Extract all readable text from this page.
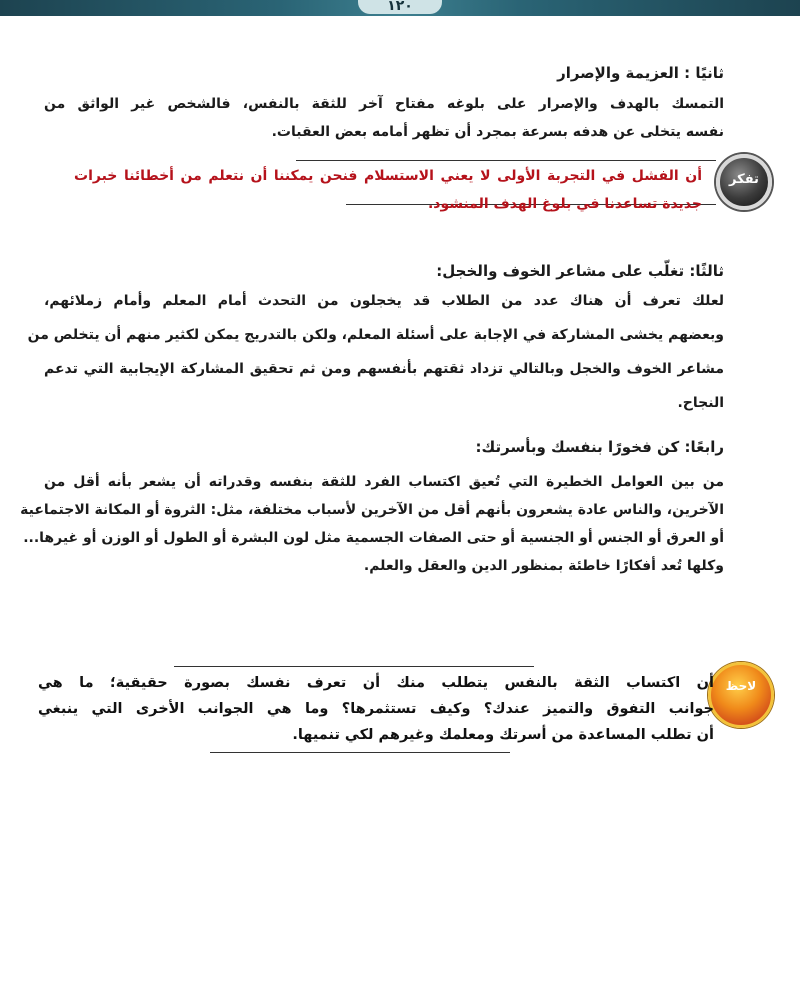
١٢٠
ثانيًا : العزيمة والإصرار
التمسك بالهدف والإصرار على بلوغه مفتاح آخر للثقة بالنفس، فالشخص غير الواثق من
نفسه يتخلى عن هدفه بسرعة بمجرد أن تظهر أمامه بعض العقبات.
تفكر
أن الفشل في التجربة الأولى لا يعني الاستسلام فنحن يمكننا أن نتعلم من أخطائنا خبرات
جديدة تساعدنا في بلوغ الهدف المنشود.
ثالثًا: تغلّب على مشاعر الخوف والخجل:
لعلك تعرف أن هناك عدد من الطلاب قد يخجلون من التحدث أمام المعلم وأمام زملائهم،
وبعضهم يخشى المشاركة في الإجابة على أسئلة المعلم، ولكن بالتدريج يمكن لكثير منهم أن يتخلص من
مشاعر الخوف والخجل وبالتالي تزداد ثقتهم بأنفسهم ومن ثم تحقيق المشاركة الإيجابية التي تدعم
النجاح.
رابعًا: كن فخورًا بنفسك وبأسرتك:
من بين العوامل الخطيرة التي تُعيق اكتساب الفرد للثقة بنفسه وقدراته أن يشعر بأنه أقل من
الآخرين، والناس عادة يشعرون بأنهم أقل من الآخرين لأسباب مختلفة، مثل: الثروة أو المكانة الاجتماعية
أو العرق أو الجنس أو الجنسية أو حتى الصفات الجسمية مثل لون البشرة أو الطول أو الوزن أو غيرها...
وكلها تُعد أفكارًا خاطئة بمنظور الدين والعقل والعلم.
لاحظ
أن اكتساب الثقة بالنفس يتطلب منك أن تعرف نفسك بصورة حقيقية؛ ما هي
جوانب التفوق والتميز عندك؟ وكيف تستثمرها؟ وما هي الجوانب الأخرى التي ينبغي
أن تطلب المساعدة من أسرتك ومعلمك وغيرهم لكي تنميها.
